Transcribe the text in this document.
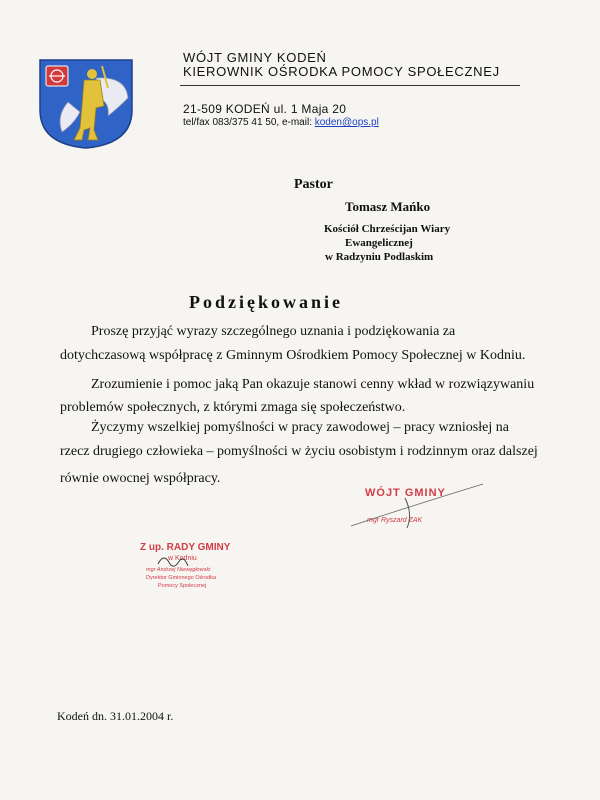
WÓJT GMINY KODEŃ
KIEROWNIK OŚRODKA POMOCY SPOŁECZNEJ
21-509 KODEŃ ul. 1 Maja 20
tel/fax 083/375 41 50, e-mail: koden@ops.pl
Pastor
Tomasz Mańko
Kościół Chrześcijan Wiary
Ewangelicznej
w Radzyniu Podlaskim
Podziękowanie
Proszę przyjąć wyrazy szczególnego uznania i podziękowania za
dotychczasową współpracę z Gminnym Ośrodkiem Pomocy Społecznej w Kodniu.
Zrozumienie i pomoc jaką Pan okazuje stanowi cenny wkład w rozwiązywaniu
problemów społecznych, z którymi zmaga się społeczeństwo.
Życzymy wszelkiej pomyślności w pracy zawodowej – pracy wzniosłej na
rzecz drugiego człowieka – pomyślności w życiu osobistym i rodzinnym oraz dalszej
równie owocnej współpracy.
Z up. RADY GMINY
w Kodniu
mgr Andrzej Niewęgłowski
Dyrektor Gminnego Ośrodka
Pomocy Społecznej
WÓJT GMINY
mgr Ryszard ZAK
Kodeń dn. 31.01.2004 r.
